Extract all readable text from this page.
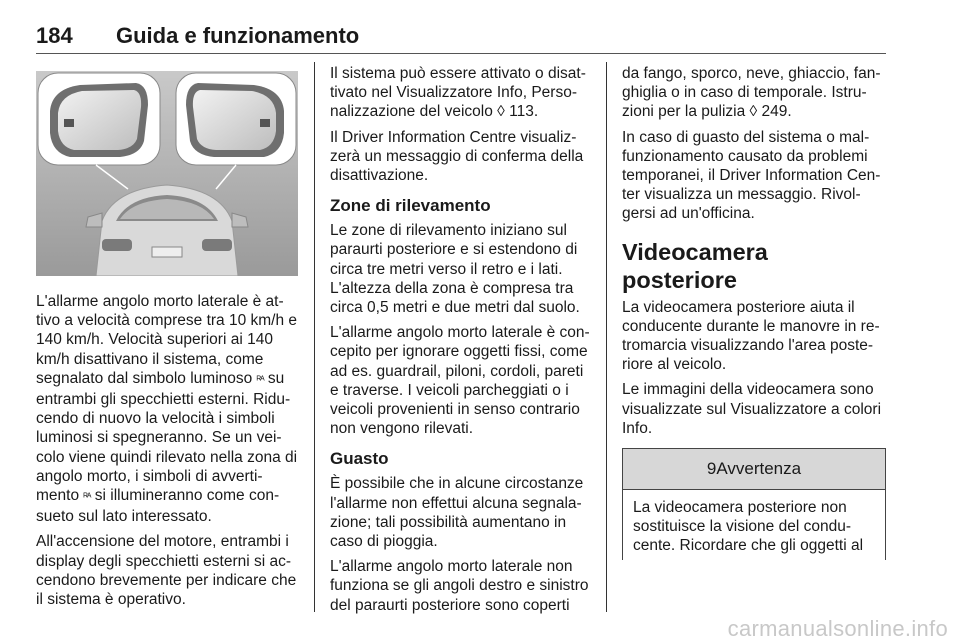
184 Guida e funzionamento

L'allarme angolo morto laterale è at-tivo a velocità comprese tra 10 km/h e 140 km/h. Velocità superiori ai 140 km/h disattivano il sistema, come segnalato dal simbolo luminoso ᴿᴬ su entrambi gli specchietti esterni. Ridu-cendo di nuovo la velocità i simboli luminosi si spegneranno. Se un vei-colo viene quindi rilevato nella zona di angolo morto, i simboli di avverti-mento ᴿᴬ si illumineranno come con-sueto sul lato interessato.

All'accensione del motore, entrambi i display degli specchietti esterni si ac-cendono brevemente per indicare che il sistema è operativo.

Il sistema può essere attivato o disat-tivato nel Visualizzatore Info, Perso-nalizzazione del veicolo ◊ 113.

Il Driver Information Centre visualiz-zerà un messaggio di conferma della disattivazione.

Zone di rilevamento

Le zone di rilevamento iniziano sul paraurti posteriore e si estendono di circa tre metri verso il retro e i lati. L'altezza della zona è compresa tra circa 0,5 metri e due metri dal suolo.

L'allarme angolo morto laterale è con-cepito per ignorare oggetti fissi, come ad es. guardrail, piloni, cordoli, pareti e traverse. I veicoli parcheggiati o i veicoli provenienti in senso contrario non vengono rilevati.

Guasto

È possibile che in alcune circostanze l'allarme non effettui alcuna segnala-zione; tali possibilità aumentano in caso di pioggia.

L'allarme angolo morto laterale non funziona se gli angoli destro e sinistro del paraurti posteriore sono coperti

da fango, sporco, neve, ghiaccio, fan-ghiglia o in caso di temporale. Istru-zioni per la pulizia ◊ 249.

In caso di guasto del sistema o mal-funzionamento causato da problemi temporanei, il Driver Information Cen-ter visualizza un messaggio. Rivol-gersi ad un'officina.

Videocamera posteriore

La videocamera posteriore aiuta il conducente durante le manovre in re-tromarcia visualizzando l'area poste-riore al veicolo.

Le immagini della videocamera sono visualizzate sul Visualizzatore a colori Info.

9Avvertenza
La videocamera posteriore non sostituisce la visione del condu-cente. Ricordare che gli oggetti al
carmanualsonline.info
